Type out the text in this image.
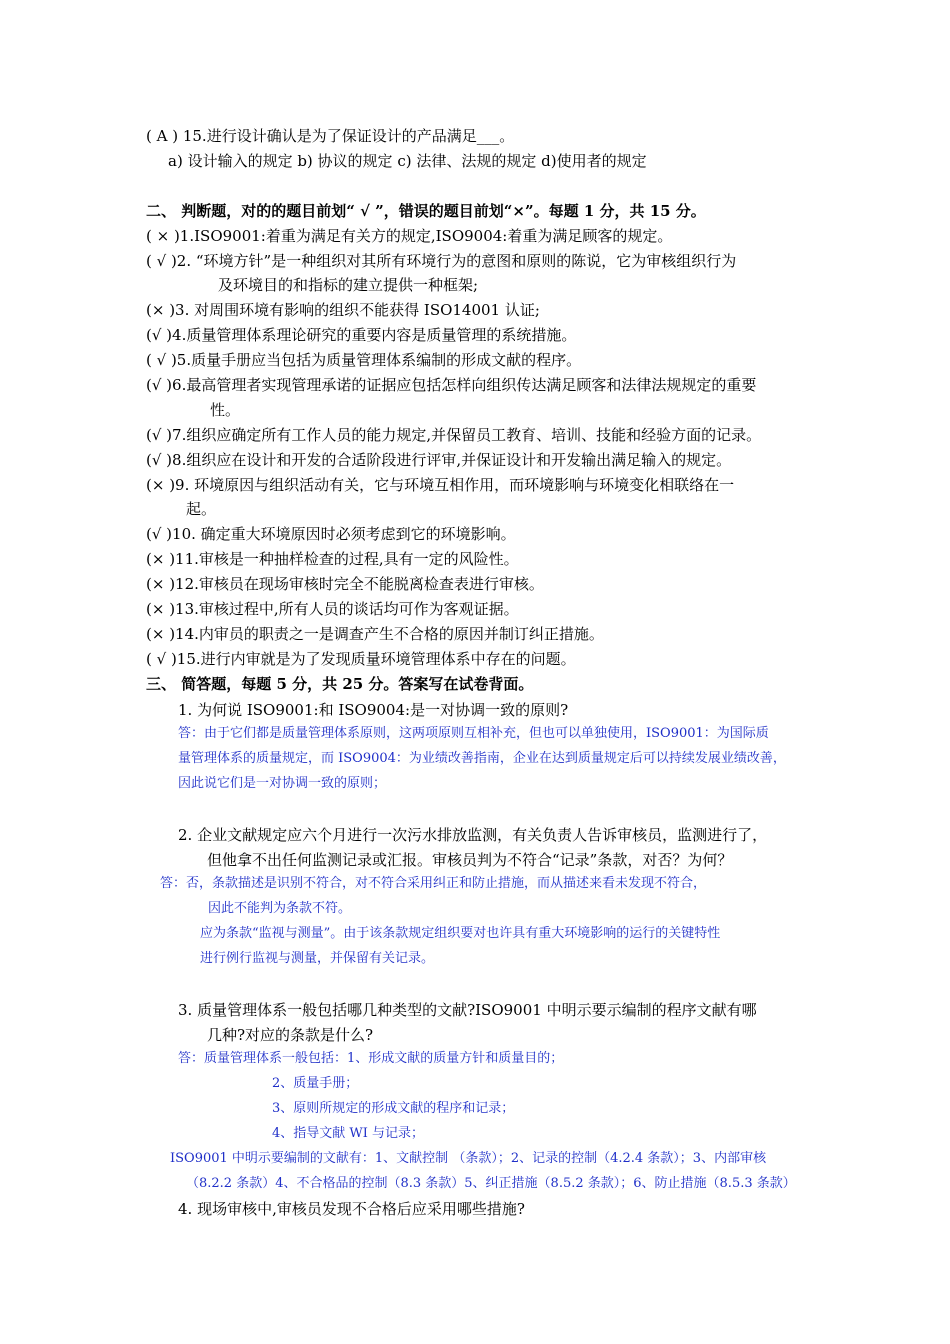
( A ) 15.进行设计确认是为了保证设计的产品满足___。
a) 设计输入的规定 b) 协议的规定 c) 法律、法规的规定 d)使用者的规定
二、 判断题，对的的题目前划“ √ ”，错误的题目前划“×”。每题 1 分，共 15 分。
( × )1.ISO9001:着重为满足有关方的规定,ISO9004:着重为满足顾客的规定。
( √ )2. “环境方针”是一种组织对其所有环境行为的意图和原则的陈说，它为审核组织行为
及环境目的和指标的建立提供一种框架;
(× )3. 对周围环境有影响的组织不能获得 ISO14001 认证;
(√ )4.质量管理体系理论研究的重要内容是质量管理的系统措施。
( √ )5.质量手册应当包括为质量管理体系编制的形成文献的程序。
(√ )6.最高管理者实现管理承诺的证据应包括怎样向组织传达满足顾客和法律法规规定的重要
性。
(√ )7.组织应确定所有工作人员的能力规定,并保留员工教育、培训、技能和经验方面的记录。
(√ )8.组织应在设计和开发的合适阶段进行评审,并保证设计和开发输出满足输入的规定。
(× )9. 环境原因与组织活动有关，它与环境互相作用，而环境影响与环境变化相联络在一
起。
(√ )10. 确定重大环境原因时必须考虑到它的环境影响。
(× )11.审核是一种抽样检查的过程,具有一定的风险性。
(× )12.审核员在现场审核时完全不能脱离检查表进行审核。
(× )13.审核过程中,所有人员的谈话均可作为客观证据。
(× )14.内审员的职责之一是调查产生不合格的原因并制订纠正措施。
( √ )15.进行内审就是为了发现质量环境管理体系中存在的问题。
三、 简答题，每题 5 分，共 25 分。答案写在试卷背面。
1. 为何说 ISO9001:和 ISO9004:是一对协调一致的原则?
答：由于它们都是质量管理体系原则，这两项原则互相补充，但也可以单独使用，ISO9001：为国际质
量管理体系的质量规定，而 ISO9004：为业绩改善指南，企业在达到质量规定后可以持续发展业绩改善，
因此说它们是一对协调一致的原则；
2. 企业文献规定应六个月进行一次污水排放监测，有关负责人告诉审核员，监测进行了，
但他拿不出任何监测记录或汇报。审核员判为不符合“记录”条款，对否？为何？
答：否，条款描述是识别不符合，对不符合采用纠正和防止措施，而从描述来看未发现不符合，
因此不能判为条款不符。
应为条款“监视与测量”。由于该条款规定组织要对也许具有重大环境影响的运行的关键特性
进行例行监视与测量，并保留有关记录。
3. 质量管理体系一般包括哪几种类型的文献?ISO9001 中明示要示编制的程序文献有哪
几种?对应的条款是什么?
答：质量管理体系一般包括：1、形成文献的质量方针和质量目的；
2、质量手册；
3、原则所规定的形成文献的程序和记录；
4、指导文献 WI 与记录；
ISO9001 中明示要编制的文献有：1、文献控制 （条款）；2、记录的控制（4.2.4 条款）；3、内部审核
（8.2.2 条款）4、不合格品的控制（8.3 条款）5、纠正措施（8.5.2 条款）；6、防止措施（8.5.3 条款）
4. 现场审核中,审核员发现不合格后应采用哪些措施?
